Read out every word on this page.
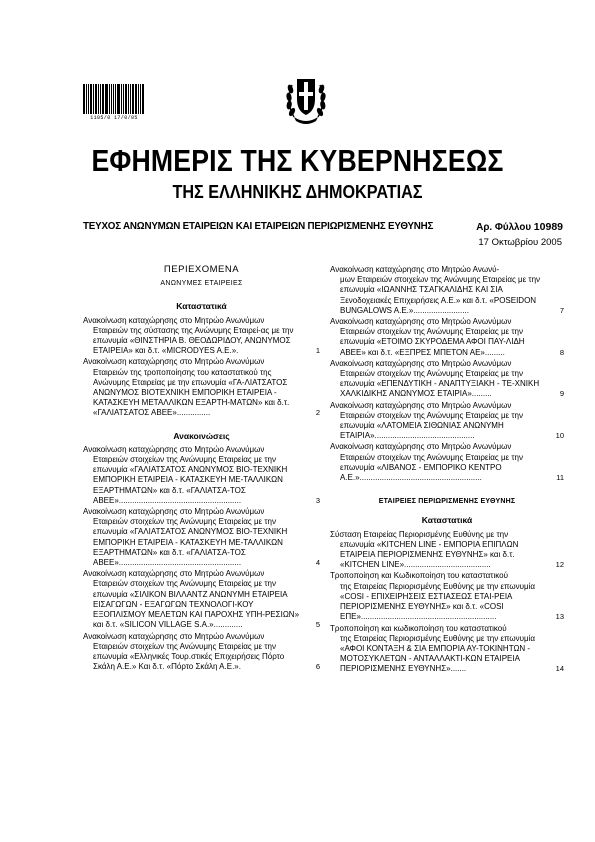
1105/0 17/0/05
ΕΦΗΜΕΡΙΣ ΤΗΣ ΚΥΒΕΡΝΗΣΕΩΣ
ΤΗΣ ΕΛΛΗΝΙΚΗΣ ΔΗΜΟΚΡΑΤΙΑΣ
ΤΕΥΧΟΣ ΑΝΩΝΥΜΩΝ ΕΤΑΙΡΕΙΩΝ ΚΑΙ ΕΤΑΙΡΕΙΩΝ ΠΕΡΙΩΡΙΣΜΕΝΗΣ ΕΥΘΥΝΗΣ	Αρ. Φύλλου 10989
17 Οκτωβρίου 2005
ΠΕΡΙΕΧΟΜΕΝΑ
ΑΝΩΝΥΜΕΣ ΕΤΑΙΡΕΙΕΣ
Καταστατικά
Ανακοίνωση καταχώρησης στο Μητρώο Ανωνύμων
Εταιρειών της σύστασης της Ανώνυμης Εταιρεί-ας με την επωνυμία «ΘΙΝΣΤΗΡΙΑ Β. ΘΕΟΔΩΡΙΔΟΥ, ΑΝΩΝΥΜΟΣ ΕΤΑΙΡΕΙΑ» και δ.τ. «MICRODYES A.E.».	1
Ανακοίνωση καταχώρησης στο Μητρώο Ανωνύμων
Εταιρειών της τροποποίησης του καταστατικού της Ανώνυμης Εταιρείας με την επωνυμία «ΓΑ-ΛΙΑΤΣΑΤΟΣ ΑΝΩΝΥΜΟΣ ΒΙΟΤΕΧΝΙΚΗ ΕΜΠΟΡΙΚΗ ΕΤΑΙΡΕΙΑ - ΚΑΤΑΣΚΕΥΗ ΜΕΤΑΛΛΙΚΩΝ ΕΞΑΡΤΗ-ΜΑΤΩΝ» και δ.τ. «ΓΑΛΙΑΤΣΑΤΟΣ ΑΒΕΕ»...............	2
Ανακοινώσεις
Ανακοίνωση καταχώρησης στο Μητρώο Ανωνύμων
Εταιρειών στοιχείων της Ανώνυμης Εταιρείας με την επωνυμία «ΓΑΛΙΑΤΣΑΤΟΣ ΑΝΩΝΥΜΟΣ ΒΙΟ-ΤΕΧΝΙΚΗ ΕΜΠΟΡΙΚΗ ΕΤΑΙΡΕΙΑ - ΚΑΤΑΣΚΕΥΗ ΜΕ-ΤΑΛΛΙΚΩΝ ΕΞΑΡΤΗΜΑΤΩΝ» και δ.τ. «ΓΑΛΙΑΤΣΑ-ΤΟΣ ΑΒΕΕ».......................................................	3
Ανακοίνωση καταχώρησης στο Μητρώο Ανωνύμων
Εταιρειών στοιχείων της Ανώνυμης Εταιρείας με την επωνυμία «ΓΑΛΙΑΤΣΑΤΟΣ ΑΝΩΝΥΜΟΣ ΒΙΟ-ΤΕΧΝΙΚΗ ΕΜΠΟΡΙΚΗ ΕΤΑΙΡΕΙΑ - ΚΑΤΑΣΚΕΥΗ ΜΕ-ΤΑΛΛΙΚΩΝ ΕΞΑΡΤΗΜΑΤΩΝ» και δ.τ. «ΓΑΛΙΑΤΣΑ-ΤΟΣ ΑΒΕΕ».......................................................	4
Ανακοίνωση καταχώρησης στο Μητρώο Ανωνύμων
Εταιρειών στοιχείων της Ανώνυμης Εταιρείας με την επωνυμία «ΣΙΛΙΚΟΝ ΒΙΛΛΑΝΤΖ ΑΝΩΝΥΜΗ ΕΤΑΙΡΕΙΑ ΕΙΣΑΓΩΓΩΝ - ΕΞΑΓΩΓΩΝ ΤΕΧΝΟΛΟΓΙ-ΚΟΥ ΕΞΟΠΛΙΣΜΟΥ ΜΕΛΕΤΩΝ ΚΑΙ ΠΑΡΟΧΗΣ ΥΠΗ-ΡΕΣΙΩΝ» και δ.τ. «SILICON VILLAGE S.A.».............	5
Ανακοίνωση καταχώρησης στο Μητρώο Ανωνύμων
Εταιρειών στοιχείων της Ανώνυμης Εταιρείας με την επωνυμία «Ελληνικές Τουρ.στικές Επιχειρήσεις Πόρτο Σκάλη Α.Ε.» Και δ.τ. «Πόρτο Σκάλη Α.Ε.».	6
Ανακοίνωση καταχώρησης στο Μητρώο Ανωνύ-
μων Εταιρειών στοιχείων της Ανώνυμης Εταιρείας με την επωνυμία «ΙΩΑΝΝΗΣ ΤΣΑΓΚΑΛΙΔΗΣ ΚΑΙ ΣΙΑ Ξενοδοχειακές Επιχειρήσεις Α.Ε.» και δ.τ. «POSEIDON BUNGALOWS A.E.».........................	7
Ανακοίνωση καταχώρησης στο Μητρώο Ανωνύμων
Εταιρειών στοιχείων της Ανώνυμης Εταιρείας με την επωνυμία «ΕΤΟΙΜΟ ΣΚΥΡΟΔΕΜΑ ΑΦΟΙ ΠΑΥ-ΛΙΔΗ ΑΒΕΕ» και δ.τ. «ΕΞΠΡΕΣ ΜΠΕΤΟΝ ΑΕ».........	8
Ανακοίνωση καταχώρησης στο Μητρώο Ανωνύμων
Εταιρειών στοιχείων της Ανώνυμης Εταιρείας με την επωνυμία «ΕΠΕΝΔΥΤΙΚΗ - ΑΝΑΠΤΥΞΙΑΚΗ - ΤΕ-ΧΝΙΚΗ ΧΑΛΚΙΔΙΚΗΣ ΑΝΩΝΥΜΟΣ ΕΤΑΙΡΙΑ».........	9
Ανακοίνωση καταχώρησης στο Μητρώο Ανωνύμων
Εταιρειών στοιχείων της Ανώνυμης Εταιρείας με την επωνυμία «ΛΑΤΟΜΕΙΑ ΣΙΘΩΝΙΑΣ ΑΝΩΝΥΜΗ ΕΤΑΙΡΙΑ».............................................	10
Ανακοίνωση καταχώρησης στο Μητρώο Ανωνύμων
Εταιρειών στοιχείων της Ανώνυμης Εταιρείας με την επωνυμία «ΛΙΒΑΝΟΣ - ΕΜΠΟΡΙΚΟ ΚΕΝΤΡΟ Α.Ε.».......................................................	11
ΕΤΑΙΡΕΙΕΣ ΠΕΡΙΩΡΙΣΜΕΝΗΣ ΕΥΘΥΝΗΣ
Καταστατικά
Σύσταση Εταιρείας Περιορισμένης Ευθύνης με την
επωνυμία «KITCHEN LINE - ΕΜΠΟΡΙΑ ΕΠΙΠΛΩΝ ΕΤΑΙΡΕΙΑ ΠΕΡΙΟΡΙΣΜΕΝΗΣ ΕΥΘΥΝΗΣ» και δ.τ. «KITCHEN LINE».......................................	12
Τροποποίηση και Κωδικοποίηση του καταστατικού
της Εταιρείας Περιορισμένης Ευθύνης με την επωνυμία «COSI - ΕΠΙΧΕΙΡΗΣΕΙΣ ΕΣΤΙΑΣΕΩΣ ΕΤΑΙ-ΡΕΙΑ ΠΕΡΙΟΡΙΣΜΕΝΗΣ ΕΥΘΥΝΗΣ» και δ.τ. «COSI ΕΠΕ».............................................................	13
Τροποποίηση και κωδικοποίηση του καταστατικού
της Εταιρείας Περιορισμένης Ευθύνης με την επωνυμία «ΑΦΟΙ ΚΟΝΤΑΞΗ & ΣΙΑ ΕΜΠΟΡΙΑ ΑΥ-ΤΟΚΙΝΗΤΩΝ - ΜΟΤΟΣΥΚΛΕΤΩΝ - ΑΝΤΑΛΛΑΚΤΙ-ΚΩΝ ΕΤΑΙΡΕΙΑ ΠΕΡΙΟΡΙΣΜΕΝΗΣ ΕΥΘΥΝΗΣ».......	14
